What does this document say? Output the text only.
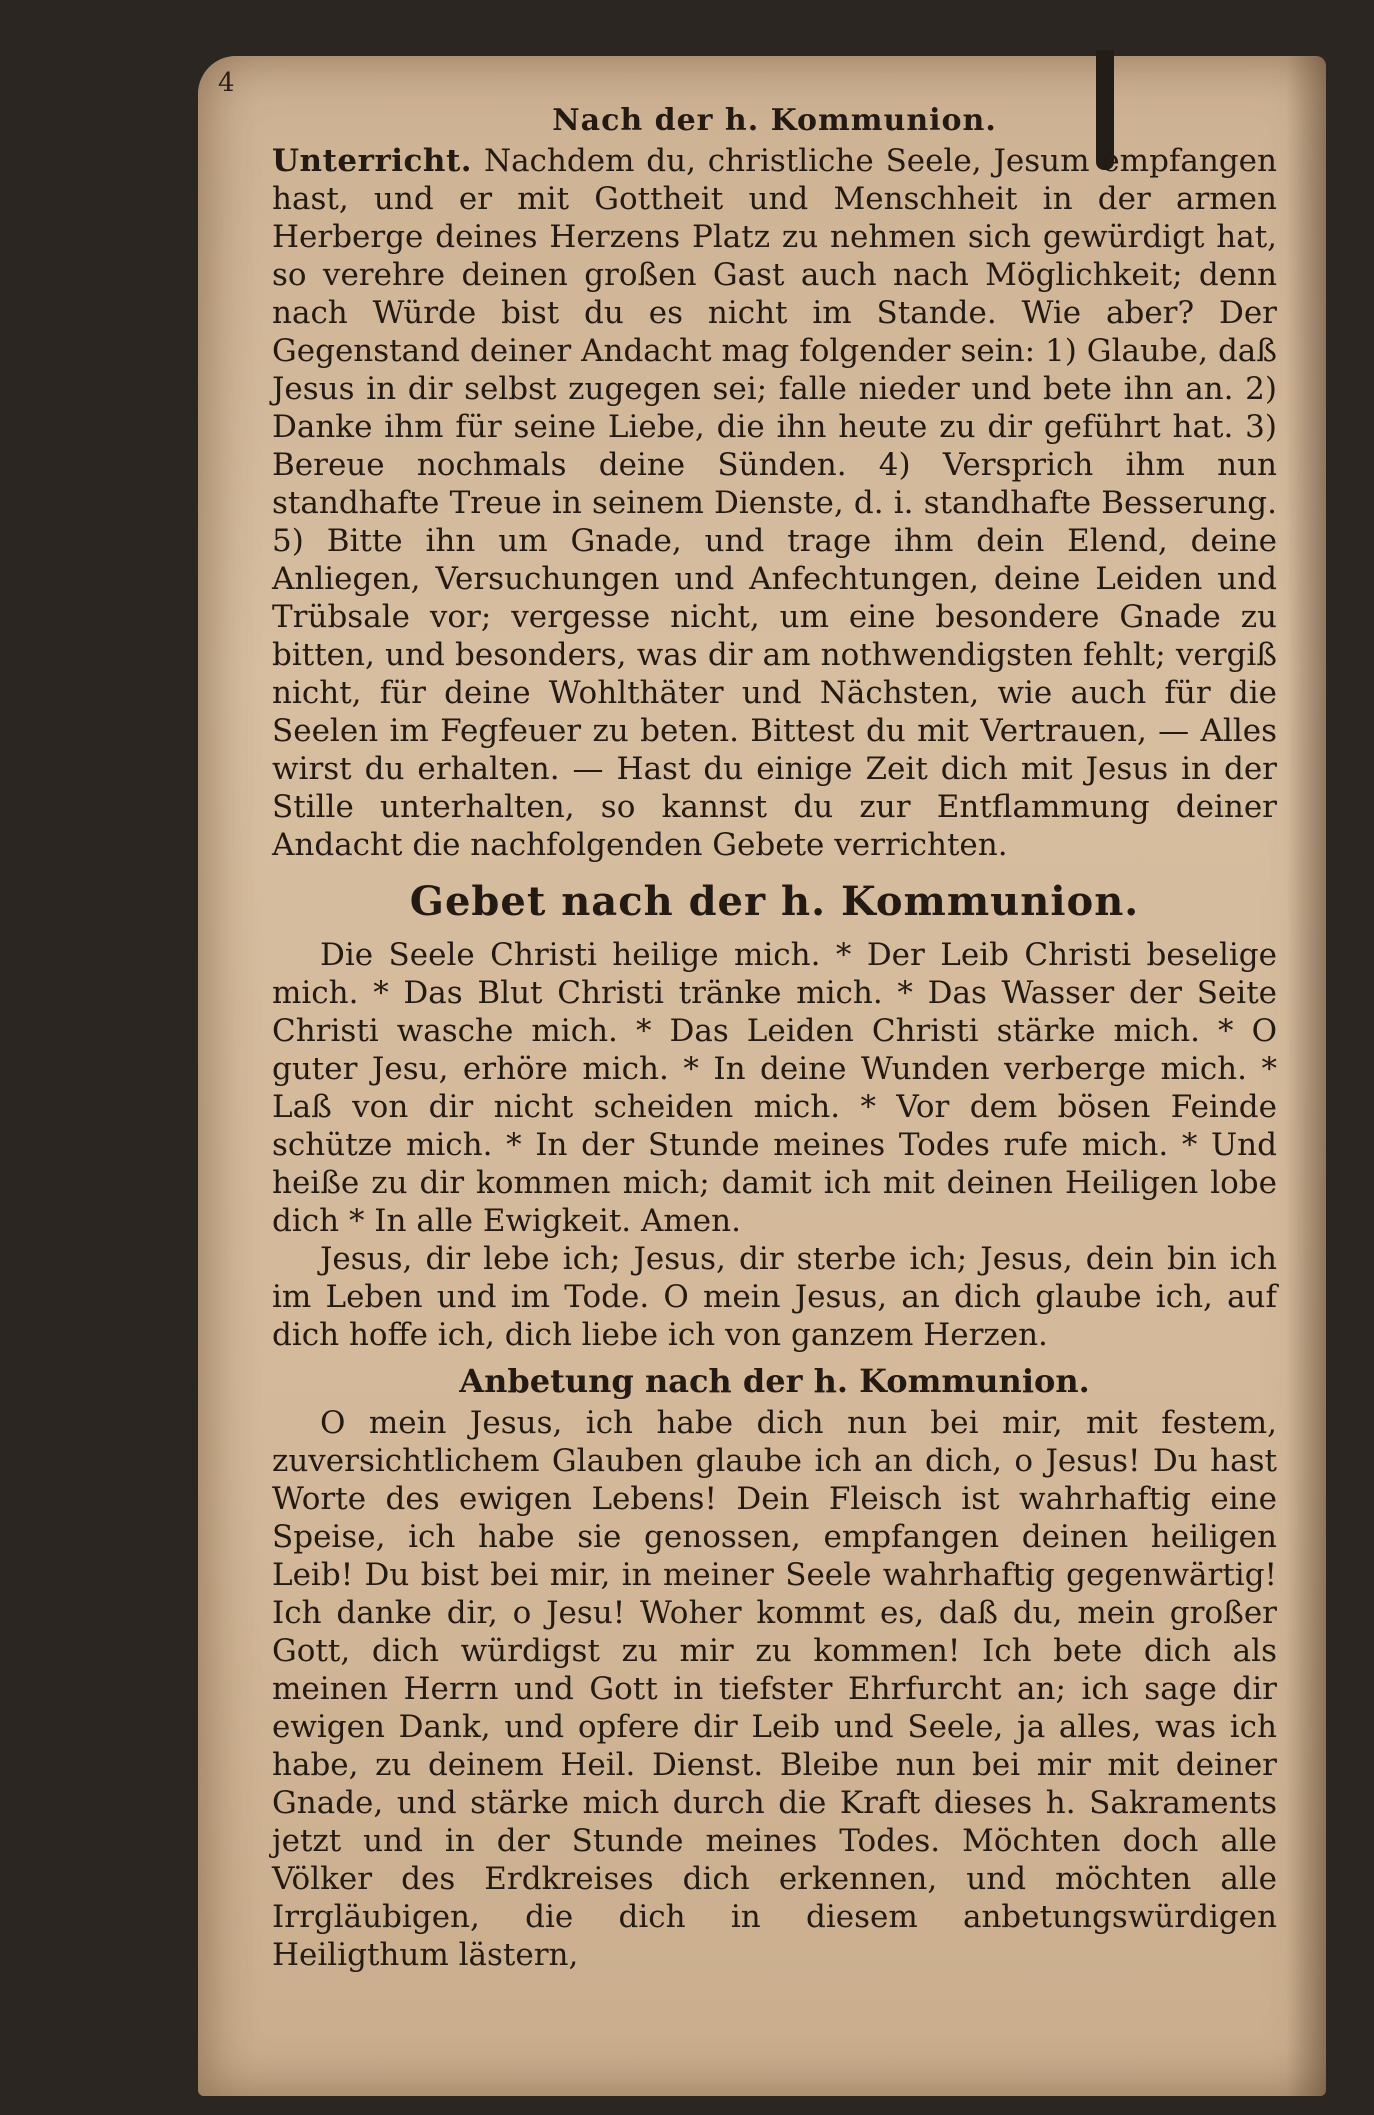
4
Nach der h. Kommunion.

Unterricht. Nachdem du, christliche Seele, Jesum empfangen hast, und er mit Gottheit und Menschheit in der armen Herberge deines Herzens Platz zu nehmen sich gewürdigt hat, so verehre deinen großen Gast auch nach Möglichkeit; denn nach Würde bist du es nicht im Stande. Wie aber? Der Gegenstand deiner Andacht mag folgender sein: 1) Glaube, daß Jesus in dir selbst zugegen sei; falle nieder und bete ihn an. 2) Danke ihm für seine Liebe, die ihn heute zu dir geführt hat. 3) Bereue nochmals deine Sünden. 4) Versprich ihm nun standhafte Treue in seinem Dienste, d. i. standhafte Besserung. 5) Bitte ihn um Gnade, und trage ihm dein Elend, deine Anliegen, Versuchungen und Anfechtungen, deine Leiden und Trübsale vor; vergesse nicht, um eine besondere Gnade zu bitten, und besonders, was dir am nothwendigsten fehlt; vergiß nicht, für deine Wohlthäter und Nächsten, wie auch für die Seelen im Fegfeuer zu beten. Bittest du mit Vertrauen, — Alles wirst du erhalten. — Hast du einige Zeit dich mit Jesus in der Stille unterhalten, so kannst du zur Entflammung deiner Andacht die nachfolgenden Gebete verrichten.

Gebet nach der h. Kommunion.

Die Seele Christi heilige mich. * Der Leib Christi beselige mich. * Das Blut Christi tränke mich. * Das Wasser der Seite Christi wasche mich. * Das Leiden Christi stärke mich. * O guter Jesu, erhöre mich. * In deine Wunden verberge mich. * Laß von dir nicht scheiden mich. * Vor dem bösen Feinde schütze mich. * In der Stunde meines Todes rufe mich. * Und heiße zu dir kommen mich; damit ich mit deinen Heiligen lobe dich * In alle Ewigkeit. Amen.

Jesus, dir lebe ich; Jesus, dir sterbe ich; Jesus, dein bin ich im Leben und im Tode. O mein Jesus, an dich glaube ich, auf dich hoffe ich, dich liebe ich von ganzem Herzen.

Anbetung nach der h. Kommunion.

O mein Jesus, ich habe dich nun bei mir, mit festem, zuversichtlichem Glauben glaube ich an dich, o Jesus! Du hast Worte des ewigen Lebens! Dein Fleisch ist wahrhaftig eine Speise, ich habe sie genossen, empfangen deinen heiligen Leib! Du bist bei mir, in meiner Seele wahrhaftig gegenwärtig! Ich danke dir, o Jesu! Woher kommt es, daß du, mein großer Gott, dich würdigst zu mir zu kommen! Ich bete dich als meinen Herrn und Gott in tiefster Ehrfurcht an; ich sage dir ewigen Dank, und opfere dir Leib und Seele, ja alles, was ich habe, zu deinem Heil. Dienst. Bleibe nun bei mir mit deiner Gnade, und stärke mich durch die Kraft dieses h. Sakraments jetzt und in der Stunde meines Todes. Möchten doch alle Völker des Erdkreises dich erkennen, und möchten alle Irrgläubigen, die dich in diesem anbetungswürdigen Heiligthum lästern,
